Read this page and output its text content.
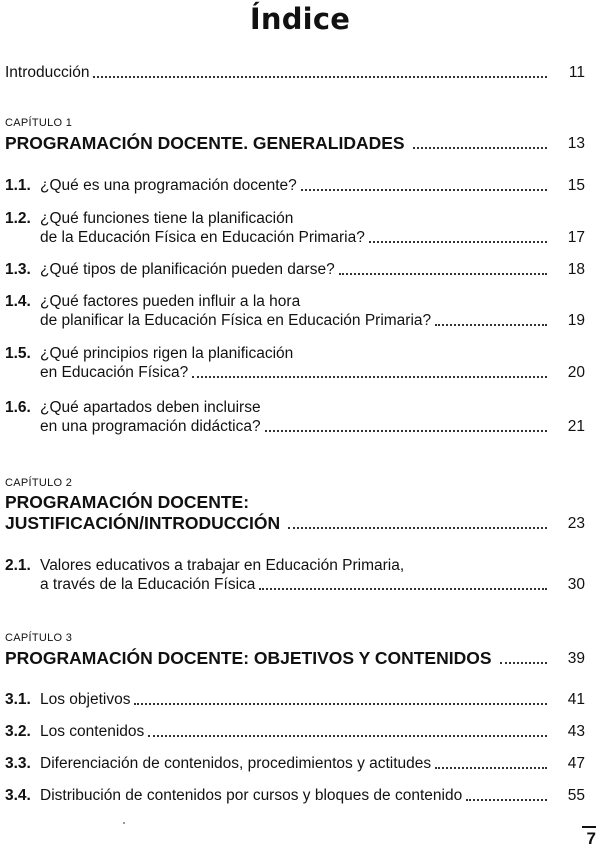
Índice
Introducción	11
CAPÍTULO 1
PROGRAMACIÓN DOCENTE. GENERALIDADES	13
1.1. ¿Qué es una programación docente?	15
1.2. ¿Qué funciones tiene la planificación
de la Educación Física en Educación Primaria?	17
1.3. ¿Qué tipos de planificación pueden darse?	18
1.4. ¿Qué factores pueden influir a la hora
de planificar la Educación Física en Educación Primaria?	19
1.5. ¿Qué principios rigen la planificación
en Educación Física?	20
1.6. ¿Qué apartados deben incluirse
en una programación didáctica?	21
CAPÍTULO 2
PROGRAMACIÓN DOCENTE:
JUSTIFICACIÓN/INTRODUCCIÓN	23
2.1. Valores educativos a trabajar en Educación Primaria,
a través de la Educación Física	30
CAPÍTULO 3
PROGRAMACIÓN DOCENTE: OBJETIVOS Y CONTENIDOS	39
3.1. Los objetivos	41
3.2. Los contenidos	43
3.3. Diferenciación de contenidos, procedimientos y actitudes	47
3.4. Distribución de contenidos por cursos y bloques de contenido	55
7
